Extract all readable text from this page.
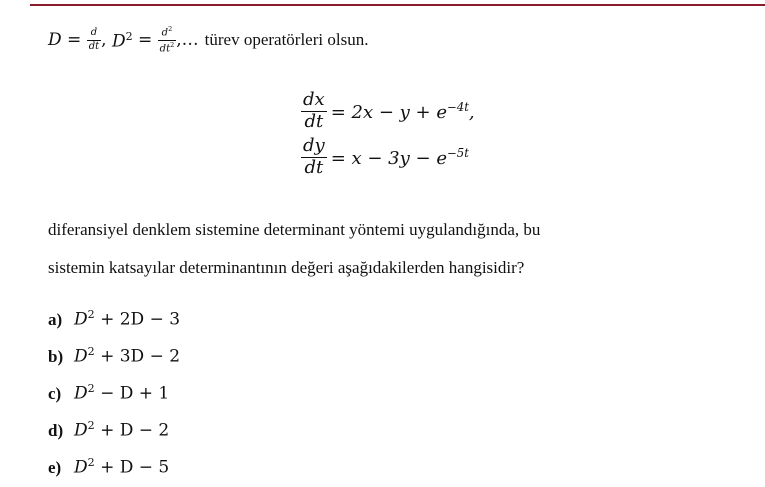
$D = \frac{d}{dt}$ , $D^2 = \frac{d^2}{dt^2}$ ,… türev operatörleri olsun.
$\frac{dx}{dt} = 2x - y + e^{-4t}$,
$\frac{dy}{dt} = x - 3y - e^{-5t}$
diferansiyel denklem sistemine determinant yöntemi uygulandığında, bu
sistemin katsayılar determinantının değeri aşağıdakilerden hangisidir?
a) $D^2 + 2D - 3$
b) $D^2 + 3D - 2$
c) $D^2 - D + 1$
d) $D^2 + D - 2$
e) $D^2 + D - 5$
